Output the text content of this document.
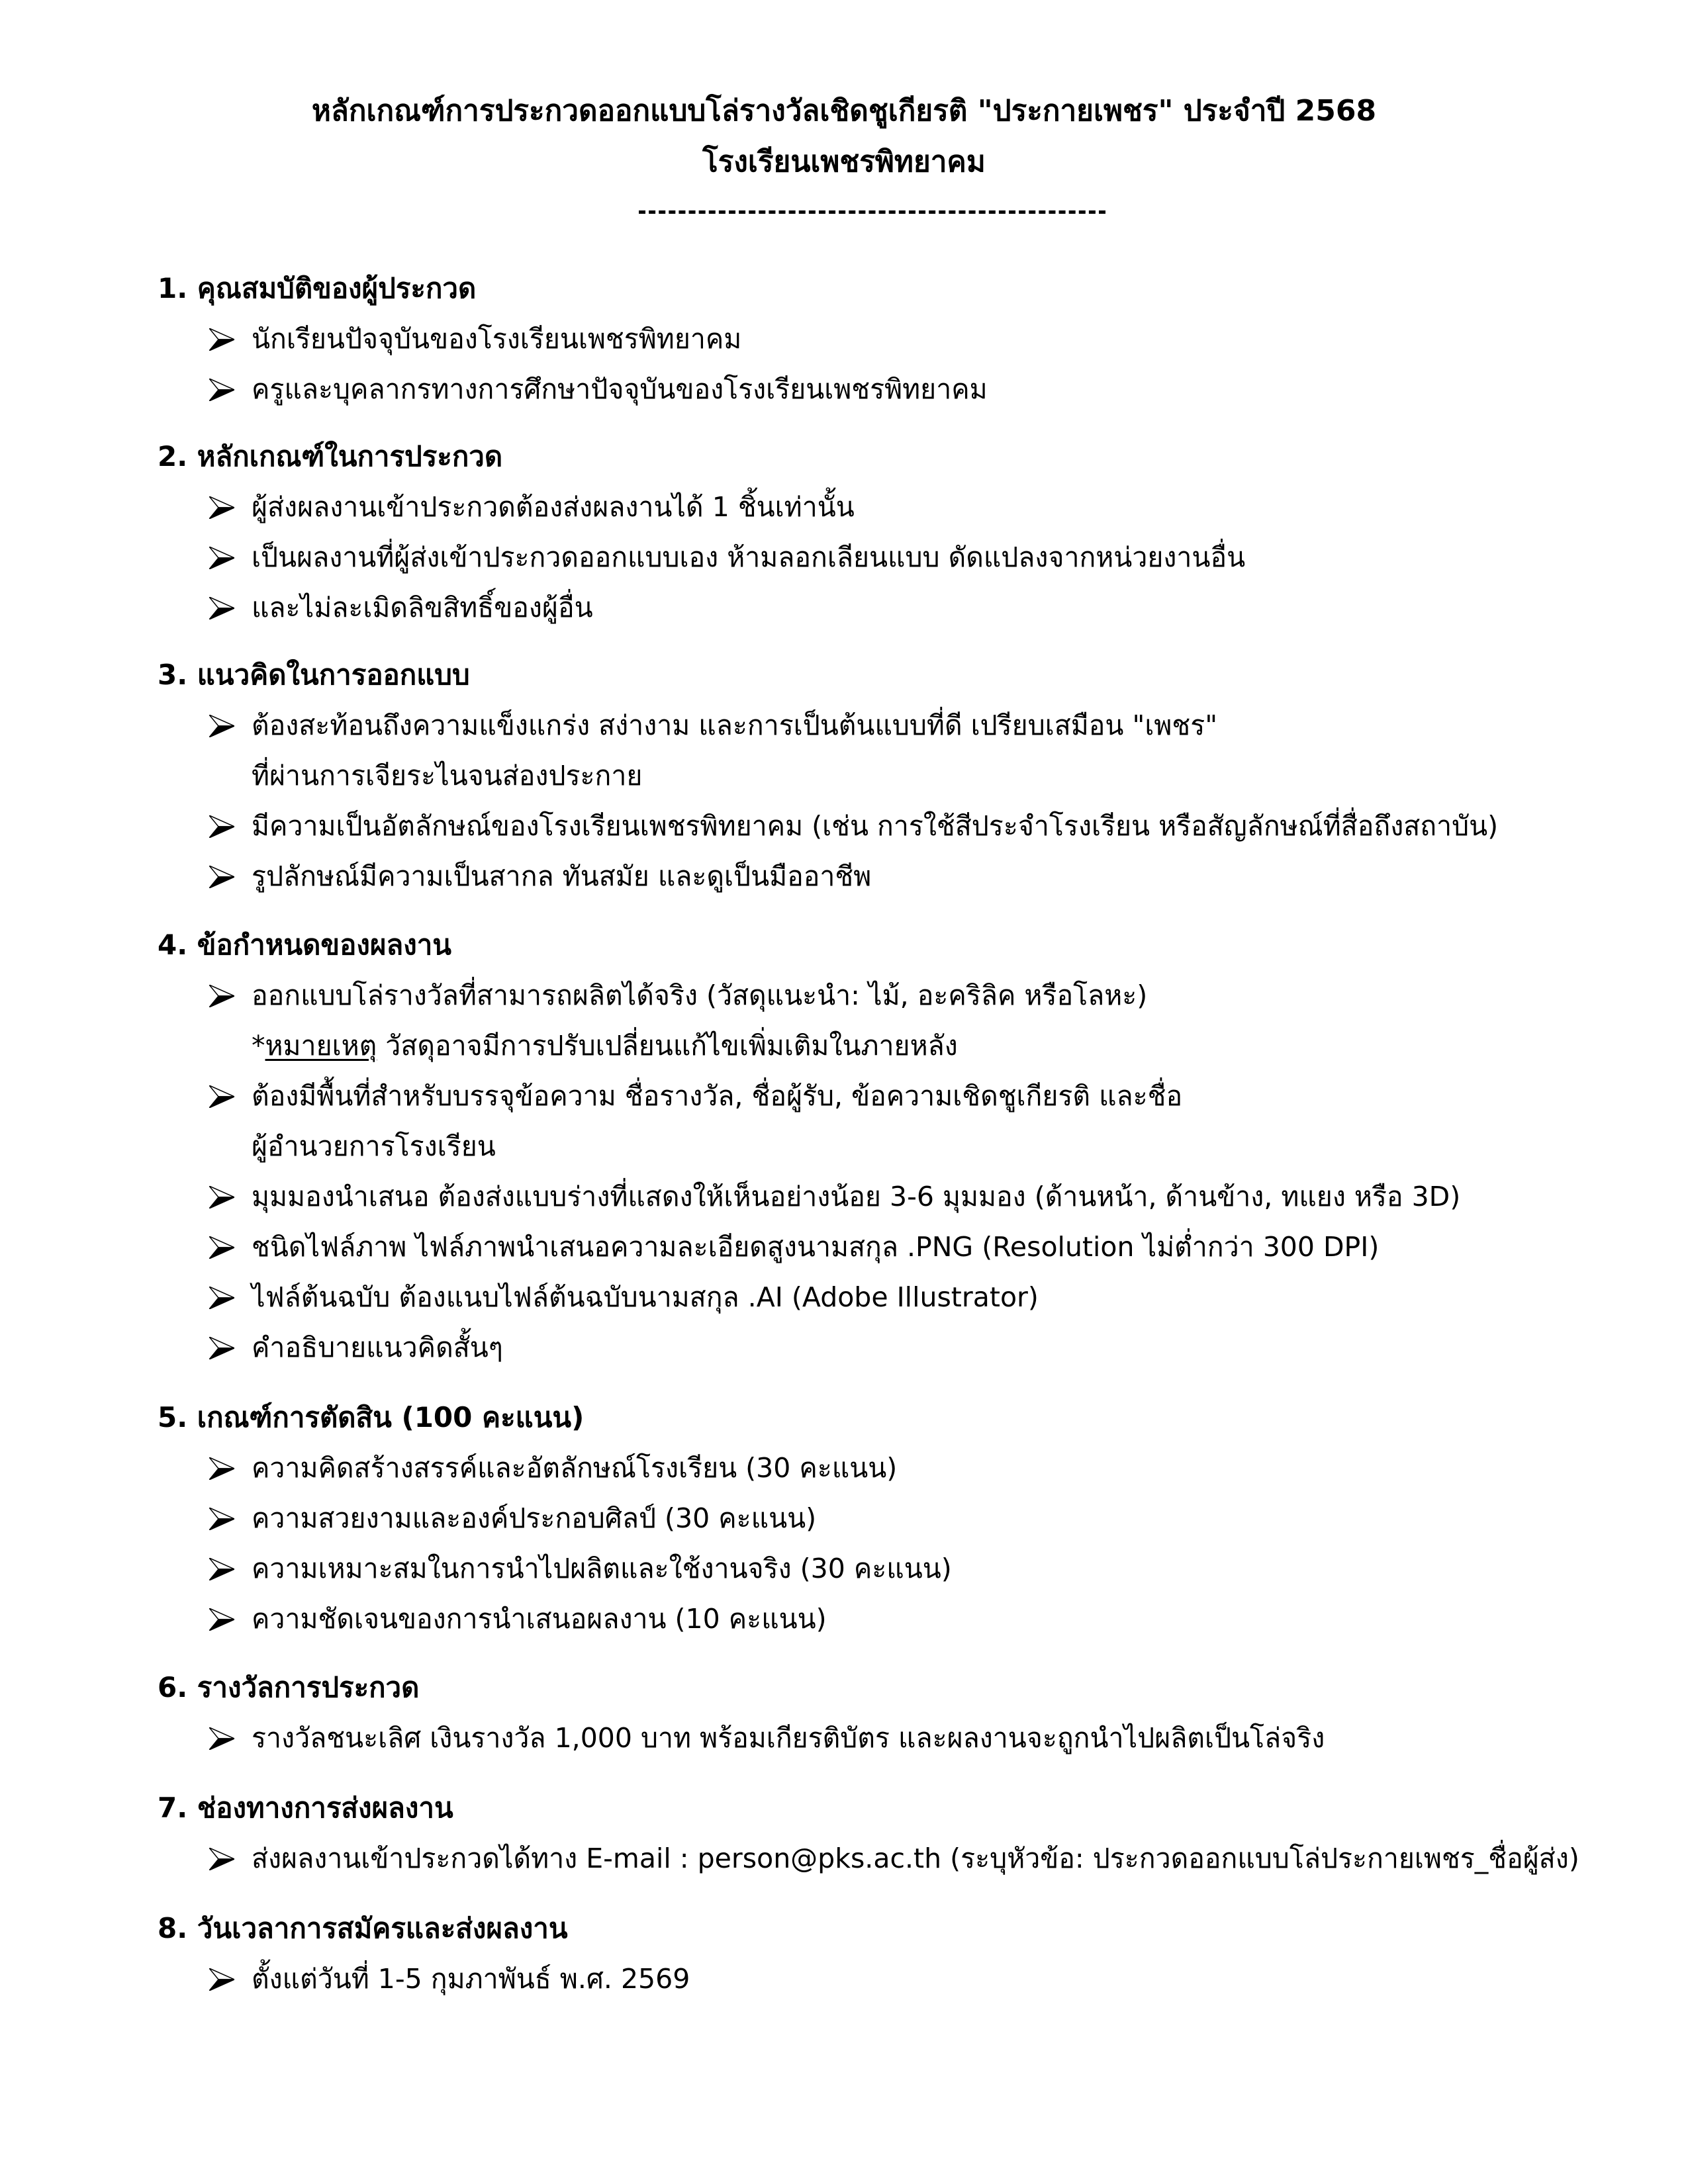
หลักเกณฑ์การประกวดออกแบบโล่รางวัลเชิดชูเกียรติ "ประกายเพชร" ประจำปี 2568
โรงเรียนเพชรพิทยาคม
1. คุณสมบัติของผู้ประกวด
นักเรียนปัจจุบันของโรงเรียนเพชรพิทยาคม
ครูและบุคลากรทางการศึกษาปัจจุบันของโรงเรียนเพชรพิทยาคม
2. หลักเกณฑ์ในการประกวด
ผู้ส่งผลงานเข้าประกวดต้องส่งผลงานได้ 1 ชิ้นเท่านั้น
เป็นผลงานที่ผู้ส่งเข้าประกวดออกแบบเอง ห้ามลอกเลียนแบบ ดัดแปลงจากหน่วยงานอื่น
และไม่ละเมิดลิขสิทธิ์ของผู้อื่น
3. แนวคิดในการออกแบบ
ต้องสะท้อนถึงความแข็งแกร่ง สง่างาม และการเป็นต้นแบบที่ดี เปรียบเสมือน "เพชร"
ที่ผ่านการเจียระไนจนส่องประกาย
มีความเป็นอัตลักษณ์ของโรงเรียนเพชรพิทยาคม (เช่น การใช้สีประจำโรงเรียน หรือสัญลักษณ์ที่สื่อถึงสถาบัน)
รูปลักษณ์มีความเป็นสากล ทันสมัย และดูเป็นมืออาชีพ
4. ข้อกำหนดของผลงาน
ออกแบบโล่รางวัลที่สามารถผลิตได้จริง (วัสดุแนะนำ: ไม้, อะคริลิค หรือโลหะ)
*หมายเหตุ วัสดุอาจมีการปรับเปลี่ยนแก้ไขเพิ่มเติมในภายหลัง
ต้องมีพื้นที่สำหรับบรรจุข้อความ ชื่อรางวัล, ชื่อผู้รับ, ข้อความเชิดชูเกียรติ และชื่อ
ผู้อำนวยการโรงเรียน
มุมมองนำเสนอ ต้องส่งแบบร่างที่แสดงให้เห็นอย่างน้อย 3-6 มุมมอง (ด้านหน้า, ด้านข้าง, ทแยง หรือ 3D)
ชนิดไฟล์ภาพ ไฟล์ภาพนำเสนอความละเอียดสูงนามสกุล .PNG (Resolution ไม่ต่ำกว่า 300 DPI)
ไฟล์ต้นฉบับ ต้องแนบไฟล์ต้นฉบับนามสกุล .AI (Adobe Illustrator)
คำอธิบายแนวคิดสั้นๆ
5. เกณฑ์การตัดสิน (100 คะแนน)
ความคิดสร้างสรรค์และอัตลักษณ์โรงเรียน (30 คะแนน)
ความสวยงามและองค์ประกอบศิลป์ (30 คะแนน)
ความเหมาะสมในการนำไปผลิตและใช้งานจริง (30 คะแนน)
ความชัดเจนของการนำเสนอผลงาน (10 คะแนน)
6. รางวัลการประกวด
รางวัลชนะเลิศ เงินรางวัล 1,000 บาท พร้อมเกียรติบัตร และผลงานจะถูกนำไปผลิตเป็นโล่จริง
7. ช่องทางการส่งผลงาน
ส่งผลงานเข้าประกวดได้ทาง E-mail : person@pks.ac.th (ระบุหัวข้อ: ประกวดออกแบบโล่ประกายเพชร_ชื่อผู้ส่ง)
8. วันเวลาการสมัครและส่งผลงาน
ตั้งแต่วันที่ 1-5 กุมภาพันธ์ พ.ศ. 2569
